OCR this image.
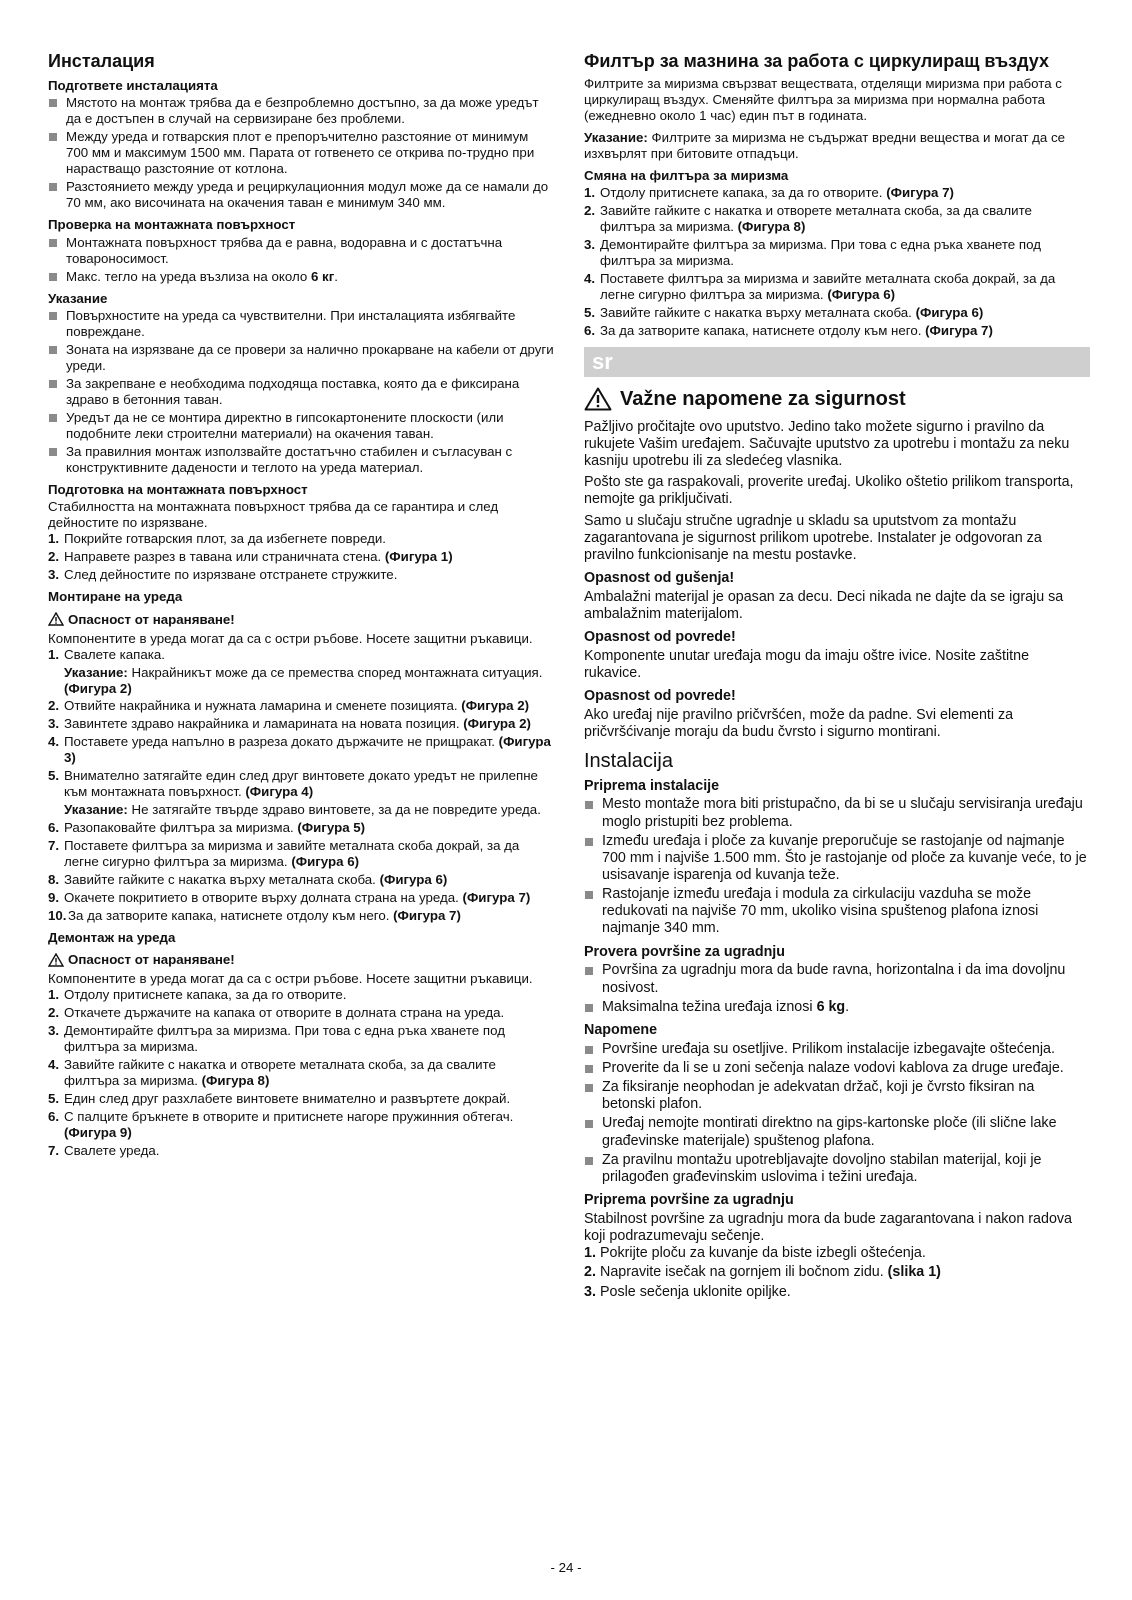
Инсталация
Подгответе инсталацията
Мястото на монтаж трябва да е безпроблемно достъпно, за да може уредът да е достъпен в случай на сервизиране без проблеми.
Между уреда и готварския плот е препоръчително разстояние от минимум 700 мм и максимум 1500 мм. Парата от готвенето се открива по-трудно при нарастващо разстояние от котлона.
Разстоянието между уреда и рециркулационния модул може да се намали до 70 мм, ако височината на окачения таван е минимум 340 мм.
Проверка на монтажната повърхност
Монтажната повърхност трябва да е равна, водоравна и с достатъчна товароносимост.
Макс. тегло на уреда възлиза на около 6 кг.
Указание
Повърхностите на уреда са чувствителни. При инсталацията избягвайте повреждане.
Зоната на изрязване да се провери за налично прокарване на кабели от други уреди.
За закрепване е необходима подходяща поставка, която да е фиксирана здраво в бетонния таван.
Уредът да не се монтира директно в гипсокартонените плоскости (или подобните леки строителни материали) на окачения таван.
За правилния монтаж използвайте достатъчно стабилен и съгласуван с конструктивните дадености и теглото на уреда материал.
Подготовка на монтажната повърхност

Стабилността на монтажната повърхност трябва да се гарантира и след дейностите по изрязване.

1. Покрийте готварския плот, за да избегнете повреди.
2. Направете разрез в тавана или страничната стена. (Фигура 1)
3. След дейностите по изрязване отстранете стружките.
Монтиране на уреда
Опасност от нараняване!

Компонентите в уреда могат да са с остри ръбове. Носете защитни ръкавици.

1. Свалете капака.

Указание: Накрайникът може да се премества според монтажната ситуация. (Фигура 2)

2. Отвийте накрайника и нужната ламарина и сменете позицията. (Фигура 2)
3. Завинтете здраво накрайника и ламарината на новата позиция. (Фигура 2)
4. Поставете уреда напълно в разреза докато държачите не прищракат. (Фигура 3)
5. Внимателно затягайте един след друг винтовете докато уредът не прилепне към монтажната повърхност. (Фигура 4)

Указание: Не затягайте твърде здраво винтовете, за да не повредите уреда.

6. Разопаковайте филтъра за миризма. (Фигура 5)
7. Поставете филтъра за миризма и завийте металната скоба докрай, за да легне сигурно филтъра за миризма. (Фигура 6)
8. Завийте гайките с накатка върху металната скоба. (Фигура 6)
9. Окачете покритието в отворите върху долната страна на уреда. (Фигура 7)
10. За да затворите капака, натиснете отдолу към него. (Фигура 7)
Демонтаж на уреда
Опасност от нараняване!

Компонентите в уреда могат да са с остри ръбове. Носете защитни ръкавици.

1. Отдолу притиснете капака, за да го отворите.
2. Откачете държачите на капака от отворите в долната страна на уреда.
3. Демонтирайте филтъра за миризма. При това с една ръка хванете под филтъра за миризма.
4. Завийте гайките с накатка и отворете металната скоба, за да свалите филтъра за миризма. (Фигура 8)
5. Един след друг разхлабете винтовете внимателно и развъртете докрай.
6. С палците бръкнете в отворите и притиснете нагоре пружинния обтегач. (Фигура 9)
7. Свалете уреда.
Филтър за мазнина за работа с циркулиращ въздух

Филтрите за миризма свързват веществата, отделящи миризма при работа с циркулиращ въздух. Сменяйте филтъра за миризма при нормална работа (ежедневно около 1 час) един път в годината.

Указание: Филтрите за миризма не съдържат вредни вещества и могат да се изхвърлят при битовите отпадъци.

Смяна на филтъра за миризма
1. Отдолу притиснете капака, за да го отворите. (Фигура 7)
2. Завийте гайките с накатка и отворете металната скоба, за да свалите филтъра за миризма. (Фигура 8)
3. Демонтирайте филтъра за миризма. При това с една ръка хванете под филтъра за миризма.
4. Поставете филтъра за миризма и завийте металната скоба докрай, за да легне сигурно филтъра за миризма. (Фигура 6)
5. Завийте гайките с накатка върху металната скоба. (Фигура 6)
6. За да затворите капака, натиснете отдолу към него. (Фигура 7)
sr
Važne napomene za sigurnost

Pažljivo pročitajte ovo uputstvo. Jedino tako možete sigurno i pravilno da rukujete Vašim uređajem. Sačuvajte uputstvo za upotrebu i montažu za neku kasniju upotrebu ili za sledećeg vlasnika.

Pošto ste ga raspakovali, proverite uređaj. Ukoliko oštetio prilikom transporta, nemojte ga priključivati.

Samo u slučaju stručne ugradnje u skladu sa uputstvom za montažu zagarantovana je sigurnost prilikom upotrebe. Instalater je odgovoran za pravilno funkcionisanje na mestu postavke.

Opasnost od gušenja!

Ambalažni materijal je opasan za decu. Deci nikada ne dajte da se igraju sa ambalažnim materijalom.

Opasnost od povrede!

Komponente unutar uređaja mogu da imaju oštre ivice. Nosite zaštitne rukavice.

Opasnost od povrede!

Ako uređaj nije pravilno pričvršćen, može da padne. Svi elementi za pričvršćivanje moraju da budu čvrsto i sigurno montirani.

Instalacija
Priprema instalacije
Mesto montaže mora biti pristupačno, da bi se u slučaju servisiranja uređaju moglo pristupiti bez problema.
Između uređaja i ploče za kuvanje preporučuje se rastojanje od najmanje 700 mm i najviše 1.500 mm. Što je rastojanje od ploče za kuvanje veće, to je usisavanje isparenja od kuvanja teže.
Rastojanje između uređaja i modula za cirkulaciju vazduha se može redukovati na najviše 70 mm, ukoliko visina spuštenog plafona iznosi najmanje 340 mm.
Provera površine za ugradnju
Površina za ugradnju mora da bude ravna, horizontalna i da ima dovoljnu nosivost.
Maksimalna težina uređaja iznosi 6 kg.
Napomene
Površine uređaja su osetljive. Prilikom instalacije izbegavajte oštećenja.
Proverite da li se u zoni sečenja nalaze vodovi kablova za druge uređaje.
Za fiksiranje neophodan je adekvatan držač, koji je čvrsto fiksiran na betonski plafon.
Uređaj nemojte montirati direktno na gips-kartonske ploče (ili slične lake građevinske materijale) spuštenog plafona.
Za pravilnu montažu upotrebljavajte dovoljno stabilan materijal, koji je prilagođen građevinskim uslovima i težini uređaja.
Priprema površine za ugradnju

Stabilnost površine za ugradnju mora da bude zagarantovana i nakon radova koji podrazumevaju sečenje.

1. Pokrijte ploču za kuvanje da biste izbegli oštećenja.
2. Napravite isečak na gornjem ili bočnom zidu. (slika 1)
3. Posle sečenja uklonite opiljke.
- 24 -
